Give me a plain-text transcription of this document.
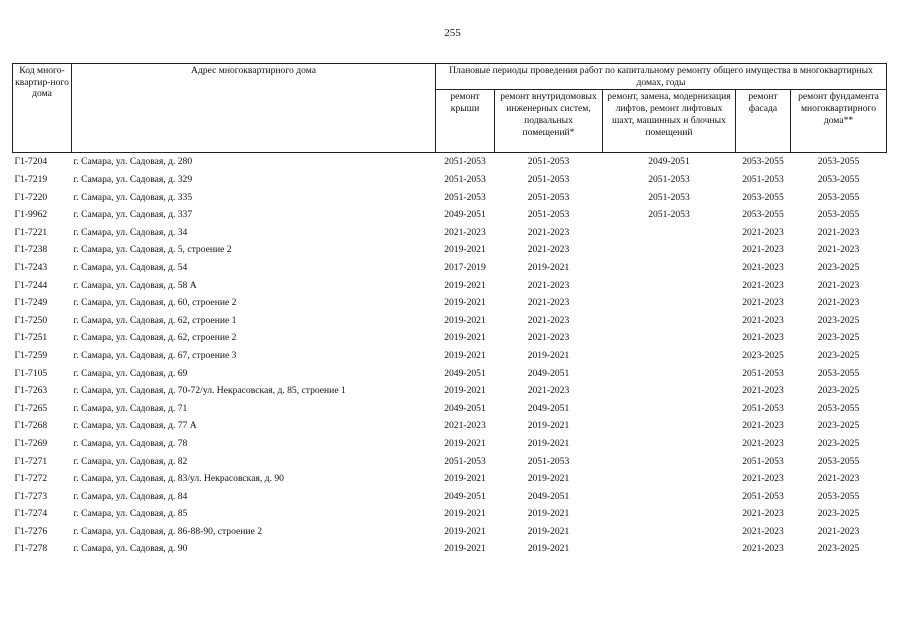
255
Код много-квартир-ного дома	Адрес многоквартирного дома	Плановые периоды проведения работ по капитальному ремонту общего имущества в многоквартирных домах, годы				
		ремонт крыши	ремонт внутридомовых инженерных систем, подвальных помещений*	ремонт, замена, модернизация лифтов, ремонт лифтовых шахт, машинных и блочных помещений	ремонт фасада	ремонт фундамента многоквартирного дома**
Г1-7204	г. Самара, ул. Садовая, д. 280	2051-2053	2051-2053	2049-2051	2053-2055	2053-2055
Г1-7219	г. Самара, ул. Садовая, д. 329	2051-2053	2051-2053	2051-2053	2051-2053	2053-2055
Г1-7220	г. Самара, ул. Садовая, д. 335	2051-2053	2051-2053	2051-2053	2053-2055	2053-2055
Г1-9962	г. Самара, ул. Садовая, д. 337	2049-2051	2051-2053	2051-2053	2053-2055	2053-2055
Г1-7221	г. Самара, ул. Садовая, д. 34	2021-2023	2021-2023		2021-2023	2021-2023
Г1-7238	г. Самара, ул. Садовая, д. 5, строение 2	2019-2021	2021-2023		2021-2023	2021-2023
Г1-7243	г. Самара, ул. Садовая, д. 54	2017-2019	2019-2021		2021-2023	2023-2025
Г1-7244	г. Самара, ул. Садовая, д. 58 А	2019-2021	2021-2023		2021-2023	2021-2023
Г1-7249	г. Самара, ул. Садовая, д. 60, строение 2	2019-2021	2021-2023		2021-2023	2021-2023
Г1-7250	г. Самара, ул. Садовая, д. 62, строение 1	2019-2021	2021-2023		2021-2023	2023-2025
Г1-7251	г. Самара, ул. Садовая, д. 62, строение 2	2019-2021	2021-2023		2021-2023	2023-2025
Г1-7259	г. Самара, ул. Садовая, д. 67, строение 3	2019-2021	2019-2021		2023-2025	2023-2025
Г1-7105	г. Самара, ул. Садовая, д. 69	2049-2051	2049-2051		2051-2053	2053-2055
Г1-7263	г. Самара, ул. Садовая, д. 70-72/ул. Некрасовская, д. 85, строение 1	2019-2021	2021-2023		2021-2023	2023-2025
Г1-7265	г. Самара, ул. Садовая, д. 71	2049-2051	2049-2051		2051-2053	2053-2055
Г1-7268	г. Самара, ул. Садовая, д. 77 А	2021-2023	2019-2021		2021-2023	2023-2025
Г1-7269	г. Самара, ул. Садовая, д. 78	2019-2021	2019-2021		2021-2023	2023-2025
Г1-7271	г. Самара, ул. Садовая, д. 82	2051-2053	2051-2053		2051-2053	2053-2055
Г1-7272	г. Самара, ул. Садовая, д. 83/ул. Некрасовская, д. 90	2019-2021	2019-2021		2021-2023	2021-2023
Г1-7273	г. Самара, ул. Садовая, д. 84	2049-2051	2049-2051		2051-2053	2053-2055
Г1-7274	г. Самара, ул. Садовая, д. 85	2019-2021	2019-2021		2021-2023	2023-2025
Г1-7276	г. Самара, ул. Садовая, д. 86-88-90, строение 2	2019-2021	2019-2021		2021-2023	2021-2023
Г1-7278	г. Самара, ул. Садовая, д. 90	2019-2021	2019-2021		2021-2023	2023-2025
